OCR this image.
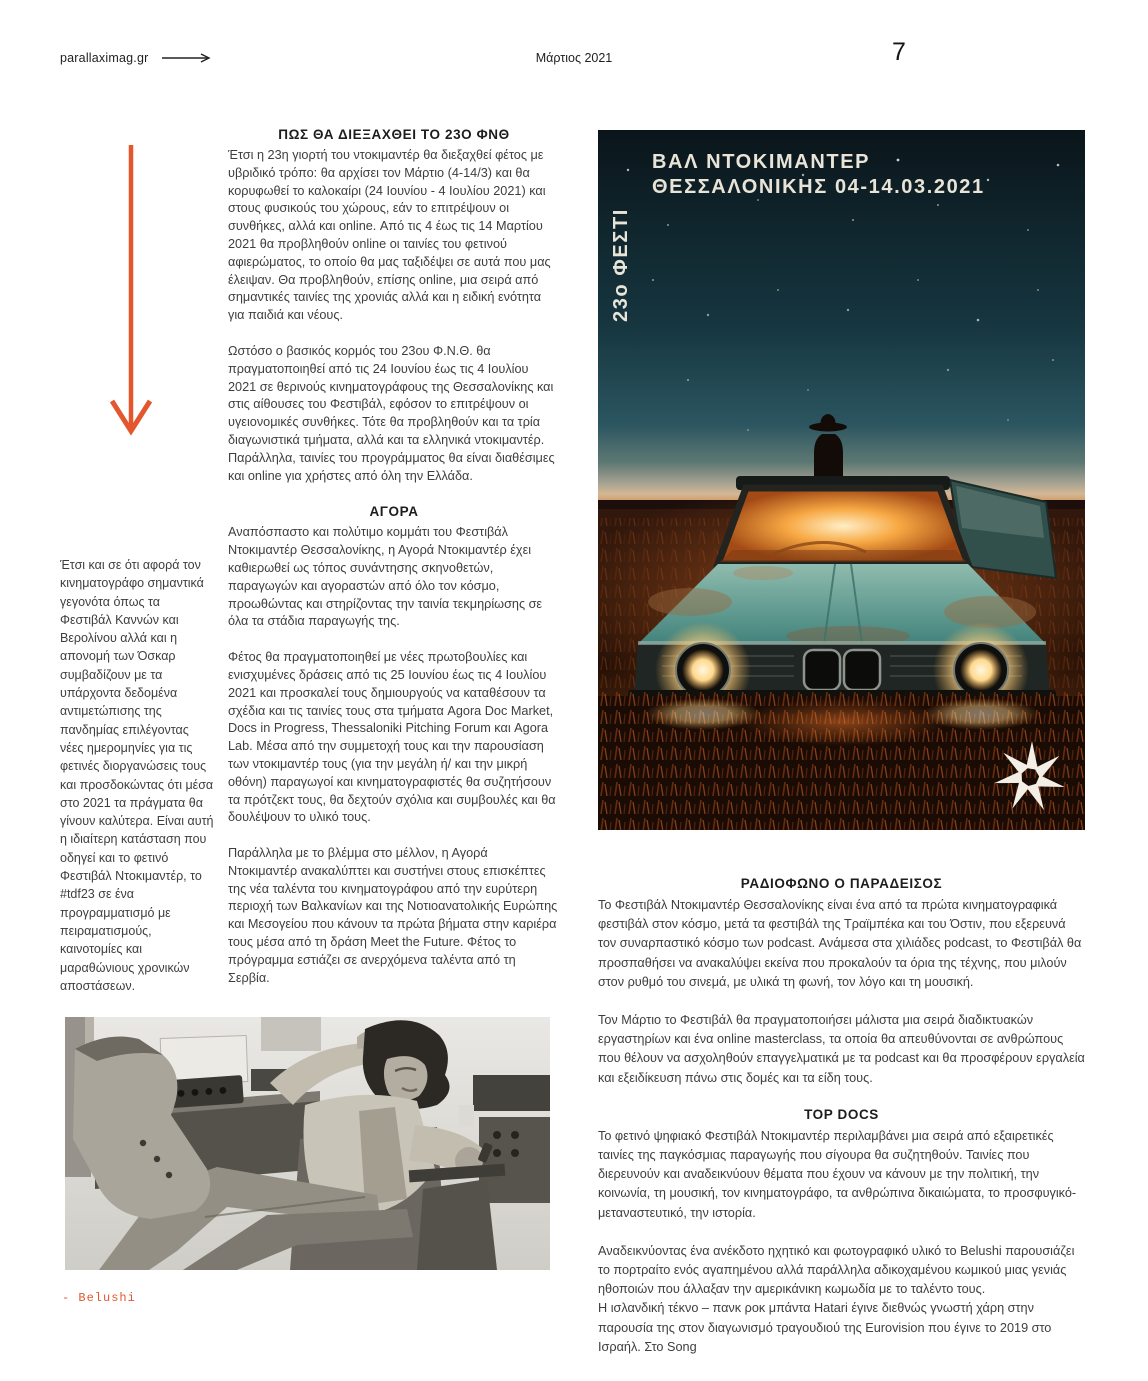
parallaximag.gr	Μάρτιος 2021	7
Έτσι και σε ότι αφορά τον κινηματογράφο σημαντικά γεγονότα όπως τα Φεστιβάλ Καννών και Βερολίνου αλλά και η απονομή των Όσκαρ συμβαδίζουν με τα υπάρχοντα δεδομένα αντιμετώπισης της πανδημίας επιλέγοντας νέες ημερομηνίες για τις φετινές διοργανώσεις τους και προσδοκώντας ότι μέσα στο 2021 τα πράγματα θα γίνουν καλύτερα. Είναι αυτή η ιδιαίτερη κατάσταση που οδηγεί και το φετινό Φεστιβάλ Ντοκιμαντέρ, το #tdf23 σε ένα προγραμματισμό με πειραματισμούς, καινοτομίες και μαραθώνιους χρονικών αποστάσεων.
ΠΩΣ ΘΑ ΔΙΕΞΑΧΘΕΙ ΤΟ 23Ο ΦΝΘ

Έτσι η 23η γιορτή του ντοκιμαντέρ θα διεξαχθεί φέτος με υβριδικό τρόπο: θα αρχίσει τον Μάρτιο (4-14/3) και θα κορυφωθεί το καλοκαίρι (24 Ιουνίου - 4 Ιουλίου 2021) και στους φυσικούς του χώρους, εάν το επιτρέψουν οι συνθήκες, αλλά και online. Από τις 4 έως τις 14 Μαρτίου 2021 θα προβληθούν online οι ταινίες του φετινού αφιερώματος, το οποίο θα μας ταξιδέψει σε αυτά που μας έλειψαν. Θα προβληθούν, επίσης online, μια σειρά από σημαντικές ταινίες της χρονιάς αλλά και η ειδική ενότητα για παιδιά και νέους.

Ωστόσο ο βασικός κορμός του 23ου Φ.Ν.Θ. θα πραγματοποιηθεί από τις 24 Ιουνίου έως τις 4 Ιουλίου 2021 σε θερινούς κινηματογράφους της Θεσσαλονίκης και στις αίθουσες του Φεστιβάλ, εφόσον το επιτρέψουν οι υγειονομικές συνθήκες. Τότε θα προβληθούν και τα τρία διαγωνιστικά τμήματα, αλλά και τα ελληνικά ντοκιμαντέρ. Παράλληλα, ταινίες του προγράμματος θα είναι διαθέσιμες και online για χρήστες από όλη την Ελλάδα.

ΑΓΟΡΑ

Αναπόσπαστο και πολύτιμο κομμάτι του Φεστιβάλ Ντοκιμαντέρ Θεσσαλονίκης, η Αγορά Ντοκιμαντέρ έχει καθιερωθεί ως τόπος συνάντησης σκηνοθετών, παραγωγών και αγοραστών από όλο τον κόσμο, προωθώντας και στηρίζοντας την ταινία τεκμηρίωσης σε όλα τα στάδια παραγωγής της.

Φέτος θα πραγματοποιηθεί με νέες πρωτοβουλίες και ενισχυμένες δράσεις από τις 25 Ιουνίου έως τις 4 Ιουλίου 2021 και προσκαλεί τους δημιουργούς να καταθέσουν τα σχέδια και τις ταινίες τους στα τμήματα Agora Doc Market, Docs in Progress, Thessaloniki Pitching Forum και Agora Lab. Μέσα από την συμμετοχή τους και την παρουσίαση των ντοκιμαντέρ τους (για την μεγάλη ή/ και την μικρή οθόνη) παραγωγοί και κινηματογραφιστές θα συζητήσουν τα πρότζεκτ τους, θα δεχτούν σχόλια και συμβουλές και θα δουλέψουν το υλικό τους.

Παράλληλα με το βλέμμα στο μέλλον, η Αγορά Ντοκιμαντέρ ανακαλύπτει και συστήνει στους επισκέπτες της νέα ταλέντα του κινηματογράφου από την ευρύτερη περιοχή των Βαλκανίων και της Νοτιοανατολικής Ευρώπης και Μεσογείου που κάνουν τα πρώτα βήματα στην καριέρα τους μέσα από τη δράση Meet the Future. Φέτος το πρόγραμμα εστιάζει σε ανερχόμενα ταλέντα από τη Σερβία.

ΒΑΛ ΝΤΟΚΙΜΑΝΤΕΡ
ΘΕΣΣΑΛΟΝΙΚΗΣ 04-14.03.2021
23ο ΦΕΣΤΙ
ΡΑΔΙΟΦΩΝΟ Ο ΠΑΡΑΔΕΙΣΟΣ

Το Φεστιβάλ Ντοκιμαντέρ Θεσσαλονίκης είναι ένα από τα πρώτα κινηματογραφικά φεστιβάλ στον κόσμο, μετά τα φεστιβάλ της Τραϊμπέκα και του Όστιν, που εξερευνά τον συναρπαστικό κόσμο των podcast. Ανάμεσα στα χιλιάδες podcast, το Φεστιβάλ θα προσπαθήσει να ανακαλύψει εκείνα που προκαλούν τα όρια της τέχνης, που μιλούν στον ρυθμό του σινεμά, με υλικά τη φωνή, τον λόγο και τη μουσική.

Τον Μάρτιο το Φεστιβάλ θα πραγματοποιήσει μάλιστα μια σειρά διαδικτυακών εργαστηρίων και ένα online masterclass, τα οποία θα απευθύνονται σε ανθρώπους που θέλουν να ασχοληθούν επαγγελματικά με τα podcast και θα προσφέρουν εργαλεία και εξειδίκευση πάνω στις δομές και τα είδη τους.

TOP DOCS

Το φετινό ψηφιακό Φεστιβάλ Ντοκιμαντέρ περιλαμβάνει μια σειρά από εξαιρετικές ταινίες της παγκόσμιας παραγωγής που σίγουρα θα συζητηθούν. Ταινίες που διερευνούν και αναδεικνύουν θέματα που έχουν να κάνουν με την πολιτική, την κοινωνία, τη μουσική, τον κινηματογράφο, τα ανθρώπινα δικαιώματα, το προσφυγικό- μεταναστευτικό, την ιστορία.

Αναδεικνύοντας ένα ανέκδοτο ηχητικό και φωτογραφικό υλικό το Belushi παρουσιάζει το πορτραίτο ενός αγαπημένου αλλά παράλληλα αδικοχαμένου κωμικού μιας γενιάς ηθοποιών που άλλαξαν την αμερικάνικη κωμωδία με το ταλέντο τους.

Η ισλανδική τέκνο – πανκ ροκ μπάντα Hatari έγινε διεθνώς γνωστή χάρη στην παρουσία της στον διαγωνισμό τραγουδιού της Eurovision που έγινε το 2019 στο Ισραήλ. Στο Song

- Belushi
